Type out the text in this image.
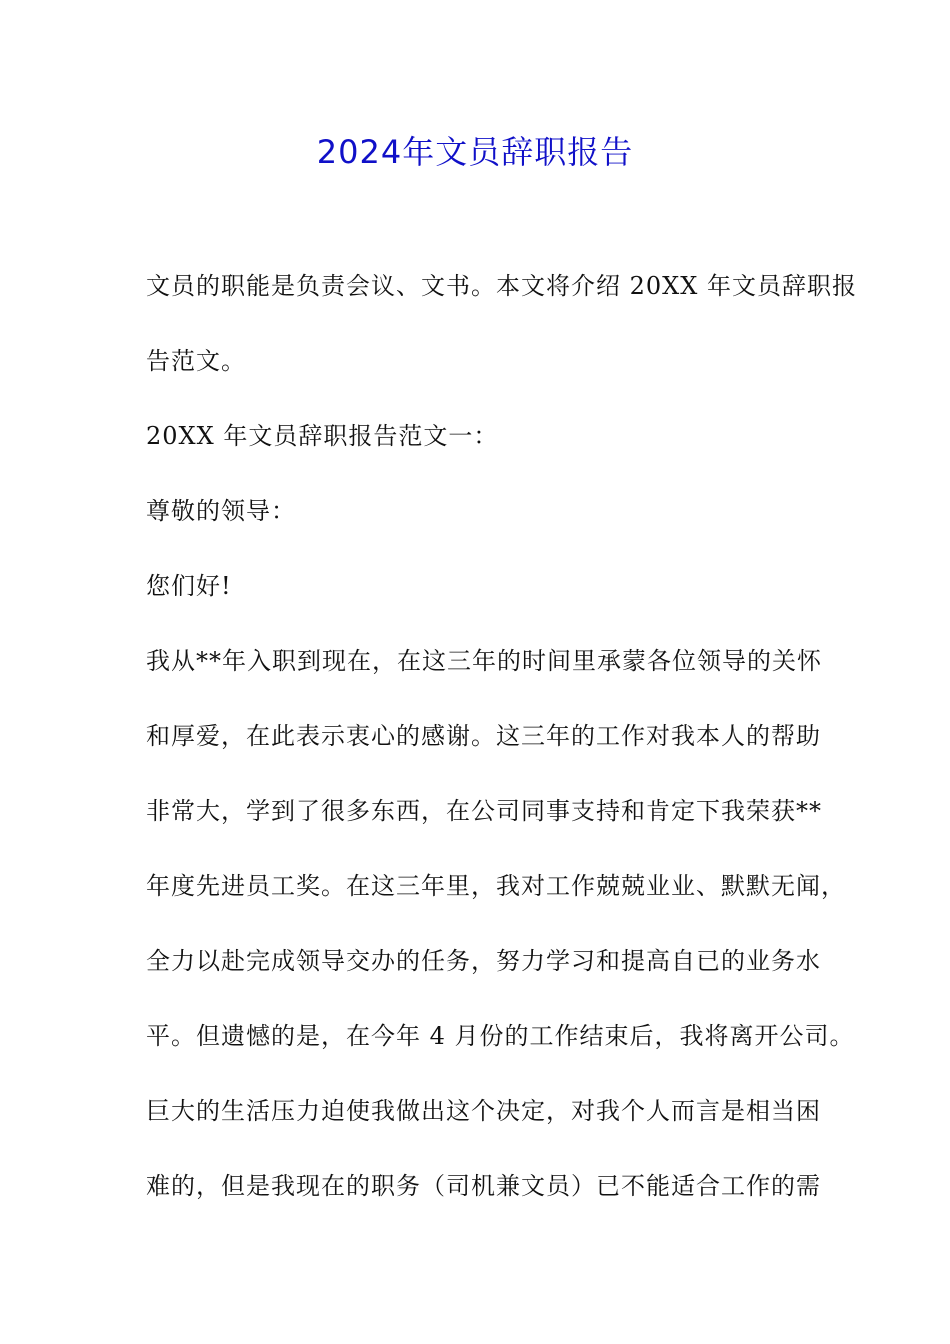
2024年文员辞职报告
文员的职能是负责会议、文书。本文将介绍 20XX 年文员辞职报
告范文。
20XX 年文员辞职报告范文一：
尊敬的领导：
您们好!
我从**年入职到现在，在这三年的时间里承蒙各位领导的关怀
和厚爱，在此表示衷心的感谢。这三年的工作对我本人的帮助
非常大，学到了很多东西，在公司同事支持和肯定下我荣获**
年度先进员工奖。在这三年里，我对工作兢兢业业、默默无闻，
全力以赴完成领导交办的任务，努力学习和提高自已的业务水
平。但遗憾的是，在今年 4 月份的工作结束后，我将离开公司。
巨大的生活压力迫使我做出这个决定，对我个人而言是相当困
难的，但是我现在的职务（司机兼文员）已不能适合工作的需
